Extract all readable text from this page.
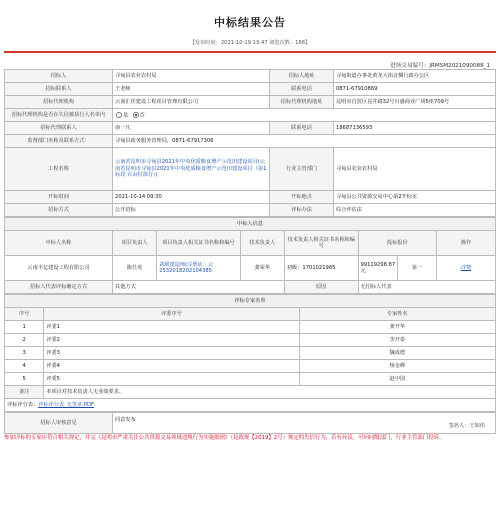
中标结果公告
【发布时间：2021-10-19 13:47 浏览次数：166】
进场交易编号：JRMSM2021090088_1
招标人	寻甸县农业农村局	招标人地址	寻甸街道办事处黄龙大街北侧行政办公区
招标联系人	王老师	联系电话	0871-67910869
招标代理机构	云南汇佳建设工程项目管理有限公司	招标代理机构地址	昆明市自贸区昆井路32号百盛商业广场5座709号
招标代理机构是否在失信被执行人名单内	是 否		
招标代理联系人	俞一凡	联系电话	18687136593
监督部门名称及联系方式：	寻甸县政务服务管理局，0871-67917306		
工程名称	云南省昆明市寻甸县2021年中央优质粮食增产示范田建设项目(云南省昆明市寻甸县2021年中央优质粮食增产示范田建设项目（第1标段 百亩村部分）)	行业主管部门	寻甸县农业农村局
开标时间	2021-10-14 09:30	开标地点	寻甸县公共资源交易中心第2开标室
招标方式	公开招标	评标办法	综合评估法
中标人信息							
中标人名称	项目负责人	项目负责人相关证书名称和编号	技术负责人	技术负责人相关证书名称和编号	投标报价		操作
云南丰亿建设工程有限公司	陈仕虎	贰级建造师(注册证：云2532018202104385	龚荣华	初级：1701021965	99119298.87元	第一	详情
招标人代表评标确定方式	其他方式			原因	无招标人代表		
评标专家名单		
序号	评委序号	专家姓名
1	评委1	龚开华
2	评委2	李开泰
3	评委3	魏成德
4	评委4	杨金峰
5	评委5	赵中国
备注	本项目对技术负责人无业绩要求。	
评标评分表：评标评分表_无签章.PDF		
招标人审核意见	
同意发布
签名人：王如伟
参加评标的专家应符合相关规定，并完《昆明市严肃关注公共资源交易领域违规行为实施细则》（昆政规【2019】2号）规定的失信行为，若有异议，可向同级部门，行业主管部门投诉。
